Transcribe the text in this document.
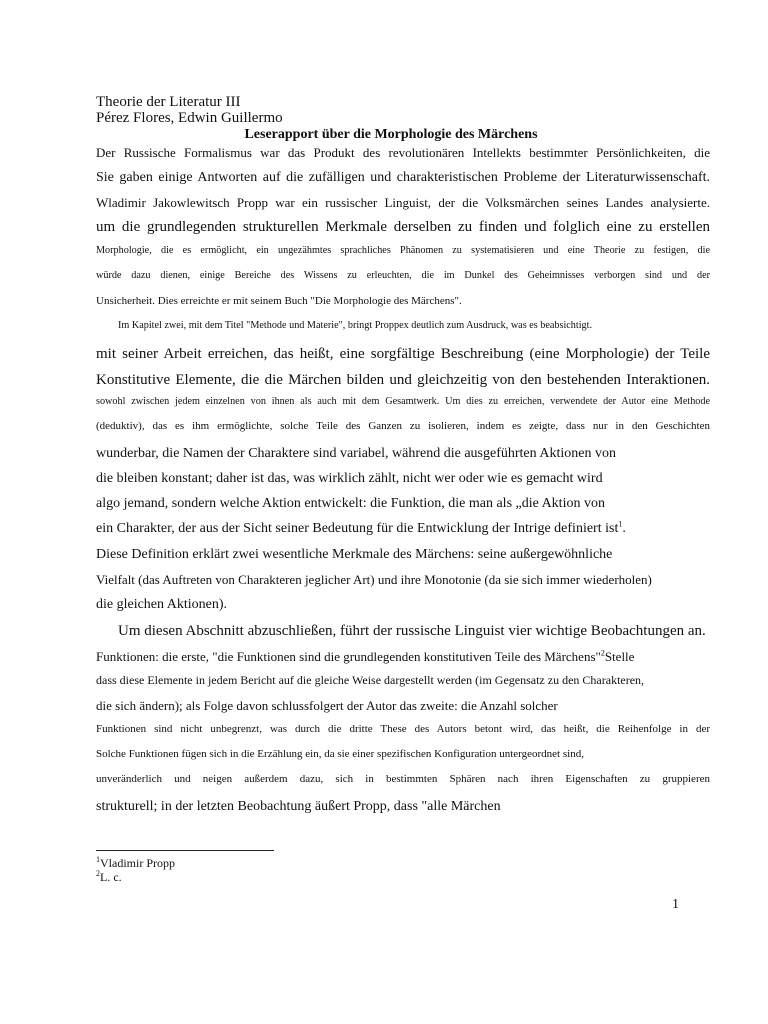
Theorie der Literatur III
Pérez Flores, Edwin Guillermo
Leserapport über die Morphologie des Märchens
Der Russische Formalismus war das Produkt des revolutionären Intellekts bestimmter Persönlichkeiten, die
Sie gaben einige Antworten auf die zufälligen und charakteristischen Probleme der Literaturwissenschaft.
Wladimir Jakowlewitsch Propp war ein russischer Linguist, der die Volksmärchen seines Landes analysierte.
um die grundlegenden strukturellen Merkmale derselben zu finden und folglich eine zu erstellen
Morphologie, die es ermöglicht, ein ungezähmtes sprachliches Phänomen zu systematisieren und eine Theorie zu festigen, die
würde dazu dienen, einige Bereiche des Wissens zu erleuchten, die im Dunkel des Geheimnisses verborgen sind und der
Unsicherheit. Dies erreichte er mit seinem Buch "Die Morphologie des Märchens".
Im Kapitel zwei, mit dem Titel "Methode und Materie", bringt Proppex deutlich zum Ausdruck, was es beabsichtigt.
mit seiner Arbeit erreichen, das heißt, eine sorgfältige Beschreibung (eine Morphologie) der Teile
Konstitutive Elemente, die die Märchen bilden und gleichzeitig von den bestehenden Interaktionen.
sowohl zwischen jedem einzelnen von ihnen als auch mit dem Gesamtwerk. Um dies zu erreichen, verwendete der Autor eine Methode
(deduktiv), das es ihm ermöglichte, solche Teile des Ganzen zu isolieren, indem es zeigte, dass nur in den Geschichten
wunderbar, die Namen der Charaktere sind variabel, während die ausgeführten Aktionen von
die bleiben konstant; daher ist das, was wirklich zählt, nicht wer oder wie es gemacht wird
algo jemand, sondern welche Aktion entwickelt: die Funktion, die man als „die Aktion von
ein Charakter, der aus der Sicht seiner Bedeutung für die Entwicklung der Intrige definiert ist$^1$.
Diese Definition erklärt zwei wesentliche Merkmale des Märchens: seine außergewöhnliche
Vielfalt (das Auftreten von Charakteren jeglicher Art) und ihre Monotonie (da sie sich immer wiederholen)
die gleichen Aktionen).
Um diesen Abschnitt abzuschließen, führt der russische Linguist vier wichtige Beobachtungen an.
Funktionen: die erste, "die Funktionen sind die grundlegenden konstitutiven Teile des Märchens"$^2$Stelle
dass diese Elemente in jedem Bericht auf die gleiche Weise dargestellt werden (im Gegensatz zu den Charakteren,
die sich ändern); als Folge davon schlussfolgert der Autor das zweite: die Anzahl solcher
Funktionen sind nicht unbegrenzt, was durch die dritte These des Autors betont wird, das heißt, die Reihenfolge in der
Solche Funktionen fügen sich in die Erzählung ein, da sie einer spezifischen Konfiguration untergeordnet sind,
unveränderlich und neigen außerdem dazu, sich in bestimmten Sphären nach ihren Eigenschaften zu gruppieren
strukturell; in der letzten Beobachtung äußert Propp, dass "alle Märchen
$^1$Vladimir Propp
$^2$L. c.
1
